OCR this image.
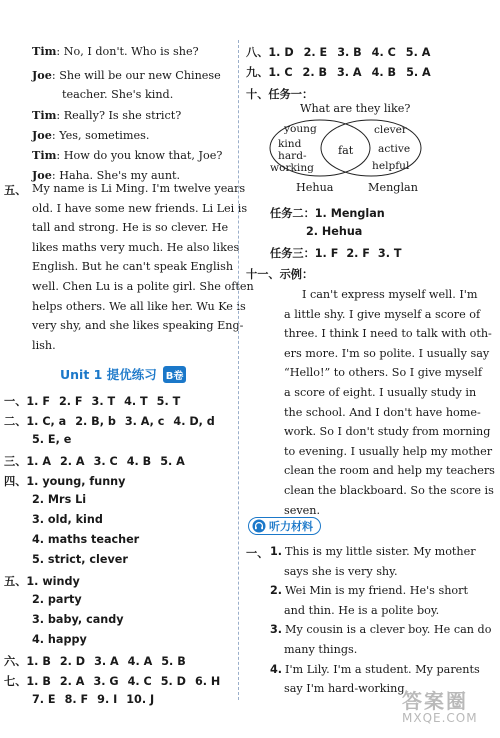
Tim: No, I don't. Who is she?
Joe: She will be our new Chinese
teacher. She's kind.
Tim: Really? Is she strict?
Joe: Yes, sometimes.
Tim: How do you know that, Joe?
Joe: Haha. She's my aunt.
五、 My name is Li Ming. I'm twelve years
old. I have some new friends. Li Lei is
tall and strong. He is so clever. He
likes maths very much. He also likes
English. But he can't speak English
well. Chen Lu is a polite girl. She often
helps others. We all like her. Wu Ke is
very shy, and she likes speaking Eng-
lish.
一、1. F 2. F 3. T 4. T 5. T
二、1. C, a 2. B, b 3. A, c 4. D, d
5. E, e
三、1. A 2. A 3. C 4. B 5. A
四、1. young, funny
2. Mrs Li
3. old, kind
4. maths teacher
5. strict, clever
五、1. windy
2. party
3. baby, candy
4. happy
六、1. B 2. D 3. A 4. A 5. B
七、1. B 2. A 3. G 4. C 5. D 6. H
7. E 8. F 9. I 10. J
八、1. D 2. E 3. B 4. C 5. A
九、1. C 2. B 3. A 4. B 5. A
十、任务一：
What are they like?
young
kind
hard-
working
fat
clever
active
helpful
Hehua	Menglan
任务二：1. Menglan
2. Hehua
任务三：1. F 2. F 3. T
十一、示例：
I can't express myself well. I'm
a little shy. I give myself a score of
three. I think I need to talk with oth-
ers more. I'm so polite. I usually say
“Hello!” to others. So I give myself
a score of eight. I usually study in
the school. And I don't have home-
work. So I don't study from morning
to evening. I usually help my mother
clean the room and help my teachers
clean the blackboard. So the score is
seven.
一、 1. This is my little sister. My mother
says she is very shy.
2. Wei Min is my friend. He's short
and thin. He is a polite boy.
3. My cousin is a clever boy. He can do
many things.
4. I'm Lily. I'm a student. My parents
say I'm hard-working.
Unit 1 提优练习 B卷
听力材料
答案圈
MXQE.COM
